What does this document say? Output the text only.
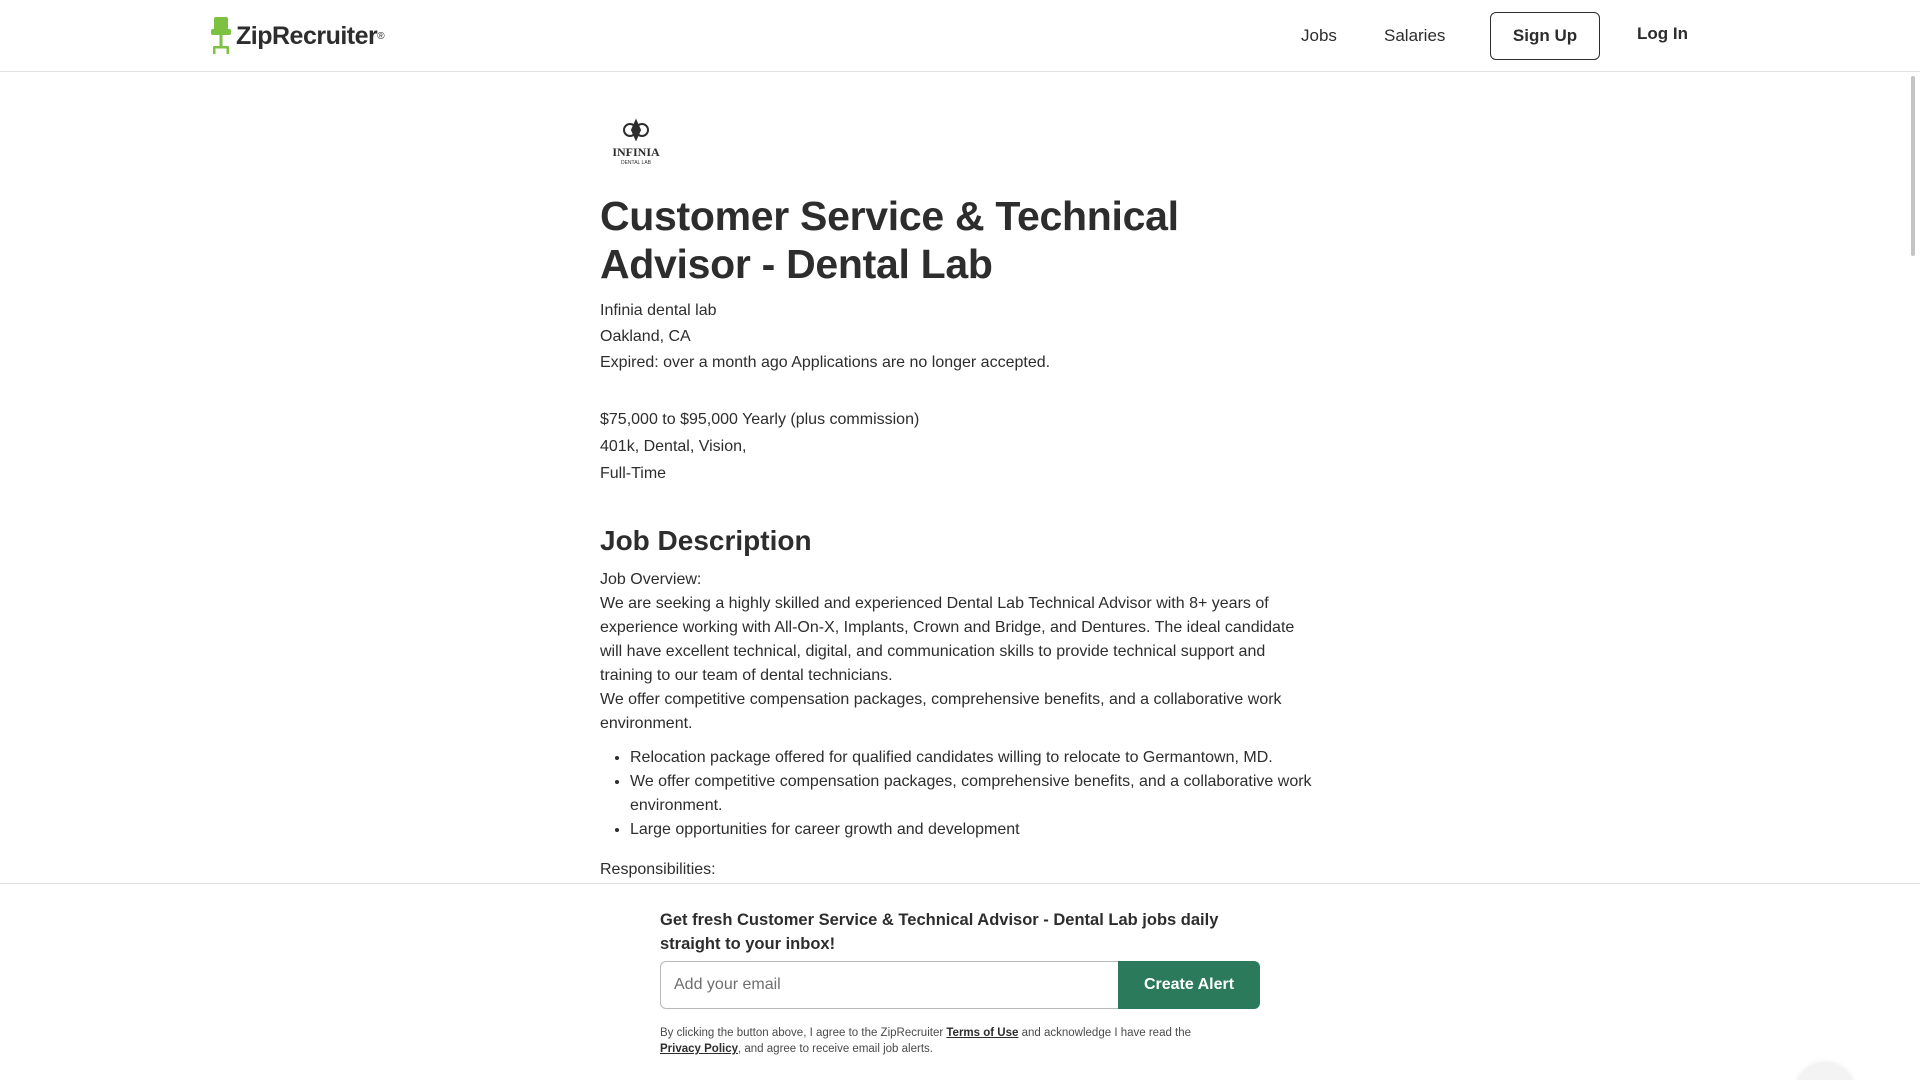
ZipRecruiter ®	Jobs	Salaries	Sign Up	Log In
INFINIA
DENTAL LAB
Customer Service & Technical Advisor - Dental Lab
Infinia dental lab
Oakland, CA
Expired: over a month ago Applications are no longer accepted.
$75,000 to $95,000 Yearly (plus commission)
401k, Dental, Vision,
Full-Time
Job Description
Job Overview:
We are seeking a highly skilled and experienced Dental Lab Technical Advisor with 8+ years of experience working with All-On-X, Implants, Crown and Bridge, and Dentures. The ideal candidate will have excellent technical, digital, and communication skills to provide technical support and training to our team of dental technicians.
We offer competitive compensation packages, comprehensive benefits, and a collaborative work environment.
• Relocation package offered for qualified candidates willing to relocate to Germantown, MD.
• We offer competitive compensation packages, comprehensive benefits, and a collaborative work environment.
• Large opportunities for career growth and development
Responsibilities:
Get fresh Customer Service & Technical Advisor - Dental Lab jobs daily straight to your inbox!
Add your email
Create Alert
By clicking the button above, I agree to the ZipRecruiter Terms of Use and acknowledge I have read the
Privacy Policy, and agree to receive email job alerts.
